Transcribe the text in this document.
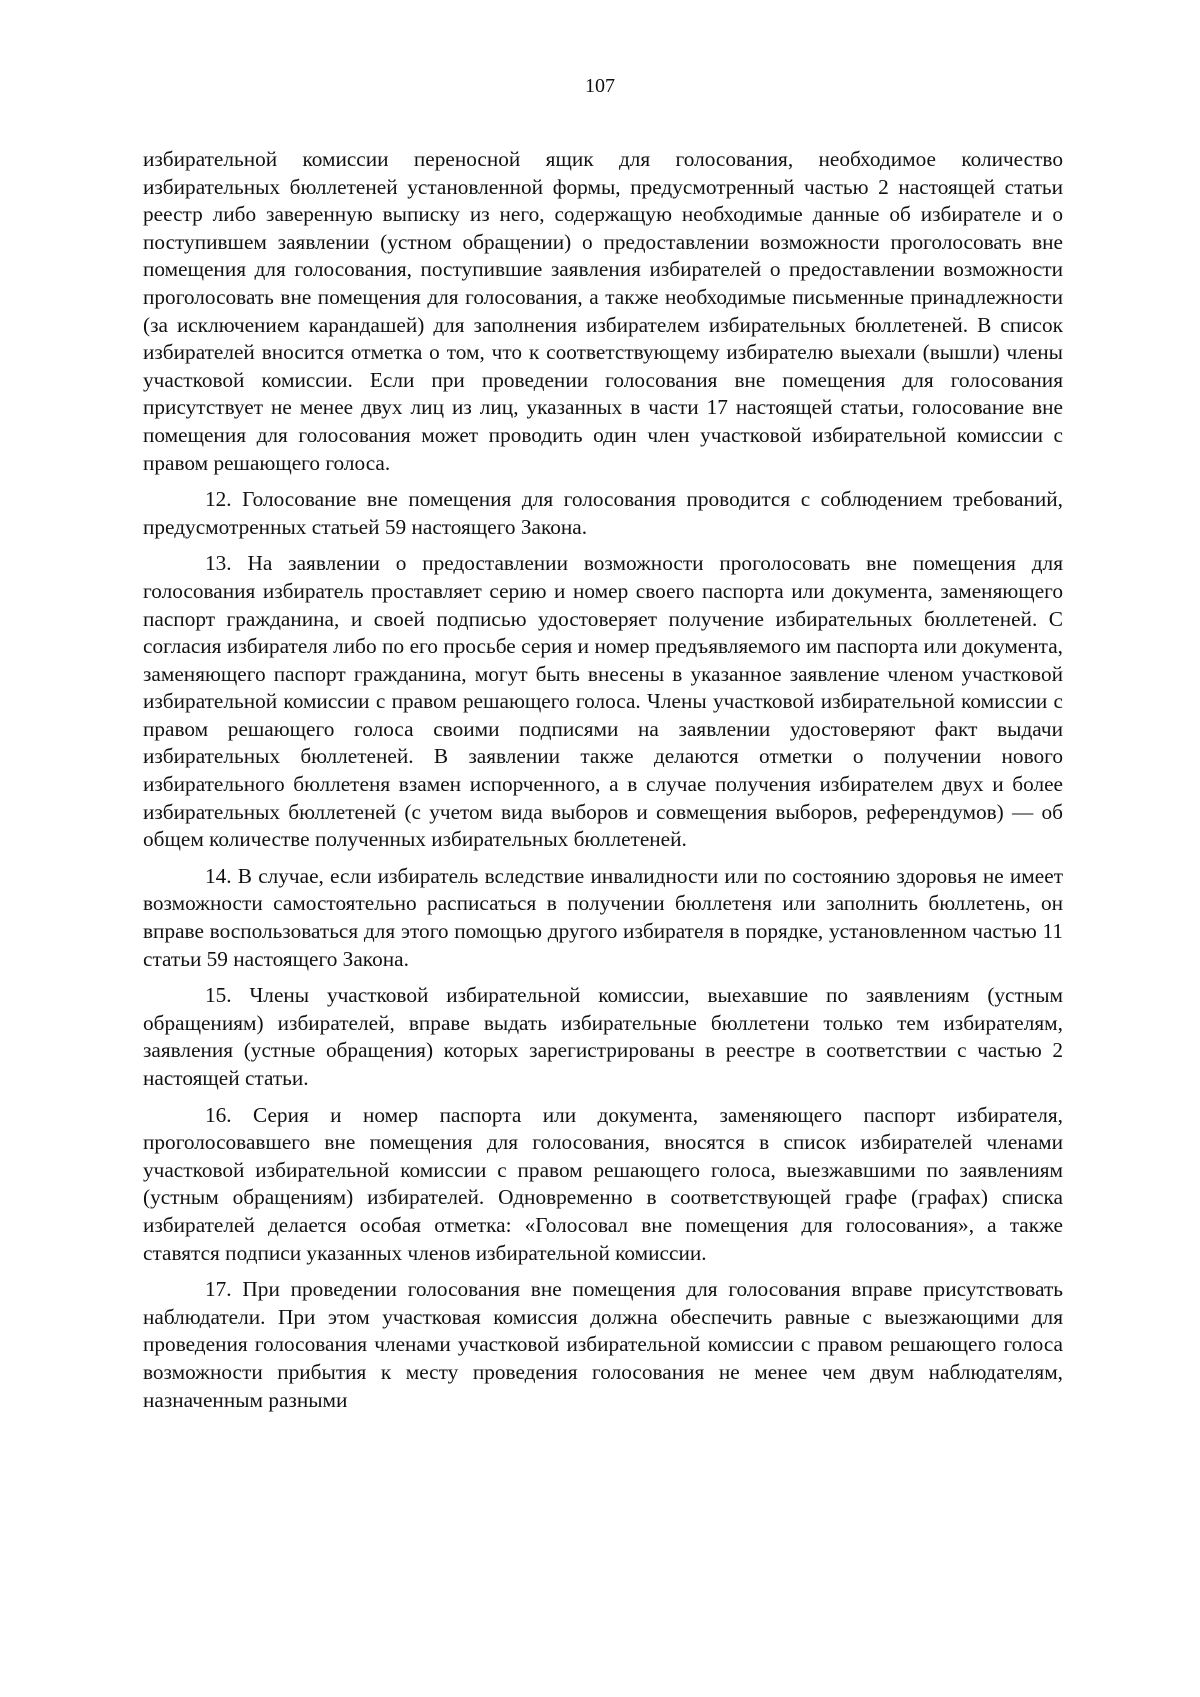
107

избирательной комиссии переносной ящик для голосования, необходимое количество избирательных бюллетеней установленной формы, предусмотренный частью 2 настоящей статьи реестр либо заверенную выписку из него, содержащую необходимые данные об избирателе и о поступившем заявлении (устном обращении) о предоставлении возможности проголосовать вне помещения для голосования, поступившие заявления избирателей о предоставлении возможности проголосовать вне помещения для голосования, а также необходимые письменные принадлежности (за исключением карандашей) для заполнения избирателем избирательных бюллетеней. В список избирателей вносится отметка о том, что к соответствующему избирателю выехали (вышли) члены участковой комиссии. Если при проведении голосования вне помещения для голосования присутствует не менее двух лиц из лиц, указанных в части 17 настоящей статьи, голосование вне помещения для голосования может проводить один член участковой избирательной комиссии с правом решающего голоса.

12. Голосование вне помещения для голосования проводится с соблюдением требований, предусмотренных статьей 59 настоящего Закона.

13. На заявлении о предоставлении возможности проголосовать вне помещения для голосования избиратель проставляет серию и номер своего паспорта или документа, заменяющего паспорт гражданина, и своей подписью удостоверяет получение избирательных бюллетеней. С согласия избирателя либо по его просьбе серия и номер предъявляемого им паспорта или документа, заменяющего паспорт гражданина, могут быть внесены в указанное заявление членом участковой избирательной комиссии с правом решающего голоса. Члены участковой избирательной комиссии с правом решающего голоса своими подписями на заявлении удостоверяют факт выдачи избирательных бюллетеней. В заявлении также делаются отметки о получении нового избирательного бюллетеня взамен испорченного, а в случае получения избирателем двух и более избирательных бюллетеней (с учетом вида выборов и совмещения выборов, референдумов) — об общем количестве полученных избирательных бюллетеней.

14. В случае, если избиратель вследствие инвалидности или по состоянию здоровья не имеет возможности самостоятельно расписаться в получении бюллетеня или заполнить бюллетень, он вправе воспользоваться для этого помощью другого избирателя в порядке, установленном частью 11 статьи 59 настоящего Закона.

15. Члены участковой избирательной комиссии, выехавшие по заявлениям (устным обращениям) избирателей, вправе выдать избирательные бюллетени только тем избирателям, заявления (устные обращения) которых зарегистрированы в реестре в соответствии с частью 2 настоящей статьи.

16. Серия и номер паспорта или документа, заменяющего паспорт избирателя, проголосовавшего вне помещения для голосования, вносятся в список избирателей членами участковой избирательной комиссии с правом решающего голоса, выезжавшими по заявлениям (устным обращениям) избирателей. Одновременно в соответствующей графе (графах) списка избирателей делается особая отметка: «Голосовал вне помещения для голосования», а также ставятся подписи указанных членов избирательной комиссии.

17. При проведении голосования вне помещения для голосования вправе присутствовать наблюдатели. При этом участковая комиссия должна обеспечить равные с выезжающими для проведения голосования членами участковой избирательной комиссии с правом решающего голоса возможности прибытия к месту проведения голосования не менее чем двум наблюдателям, назначенным разными
